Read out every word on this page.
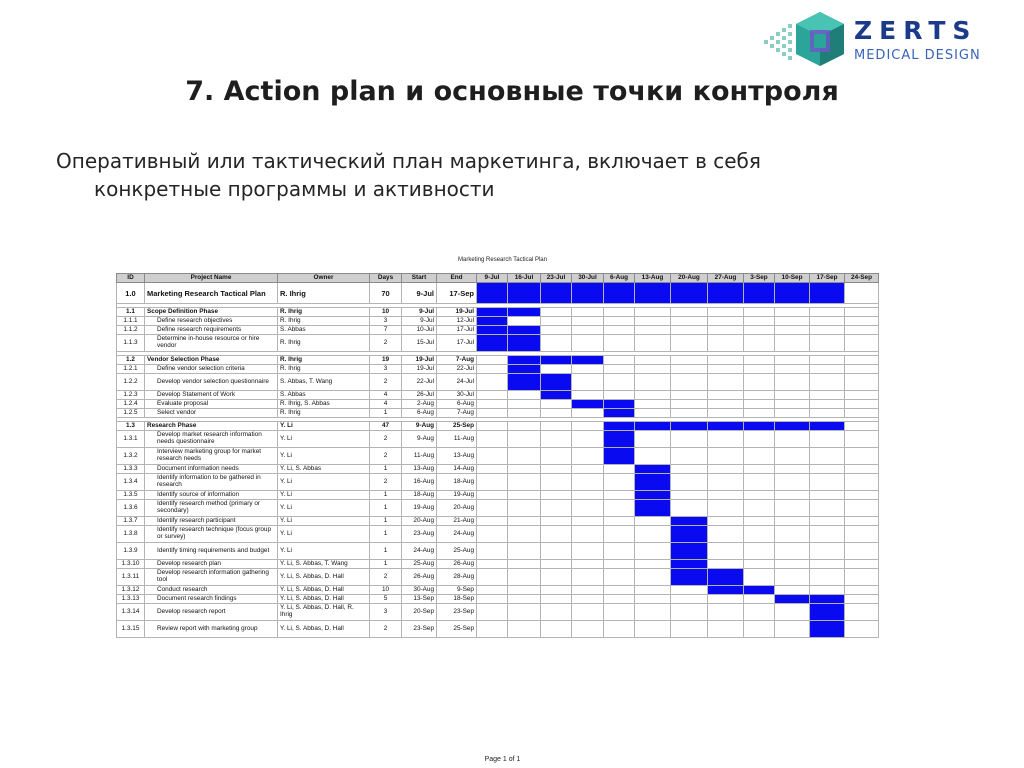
ZERTS
MEDICAL DESIGN
7. Action plan и основные точки контроля

Оперативный или тактический план маркетинга, включает в себя
конкретные программы и активности

Marketing Research Tactical Plan
ID	Project Name	Owner	Days	Start	End	9-Jul	16-Jul	23-Jul	30-Jul	6-Aug	13-Aug	20-Aug	27-Aug	3-Sep	10-Sep	17-Sep	24-Sep
1.0	Marketing Research Tactical Plan	R. Ihrig	70	9-Jul	17-Sep												

1.1	Scope Definition Phase	R. Ihrig	10	9-Jul	19-Jul												
1.1.1	Define research objectives	R. Ihrig	3	9-Jul	12-Jul												
1.1.2	Define research requirements	S. Abbas	7	10-Jul	17-Jul												
1.1.3	Determine in-house resource or hire vendor	R. Ihrig	2	15-Jul	17-Jul												

1.2	Vendor Selection Phase	R. Ihrig	19	19-Jul	7-Aug												
1.2.1	Define vendor selection criteria	R. Ihrig	3	19-Jul	22-Jul												
1.2.2	Develop vendor selection questionnaire	S. Abbas, T. Wang	2	22-Jul	24-Jul												
1.2.3	Develop Statement of Work	S. Abbas	4	26-Jul	30-Jul												
1.2.4	Evaluate proposal	R. Ihrig, S. Abbas	4	2-Aug	6-Aug												
1.2.5	Select vendor	R. Ihrig	1	6-Aug	7-Aug												

1.3	Research Phase	Y. Li	47	9-Aug	25-Sep												
1.3.1	Develop market research information needs questionnaire	Y. Li	2	9-Aug	11-Aug												
1.3.2	Interview marketing group for market research needs	Y. Li	2	11-Aug	13-Aug												
1.3.3	Document information needs	Y. Li, S. Abbas	1	13-Aug	14-Aug												
1.3.4	Identify information to be gathered in research	Y. Li	2	16-Aug	18-Aug												
1.3.5	Identify source of information	Y. Li	1	18-Aug	19-Aug												
1.3.6	Identify research method (primary or secondary)	Y. Li	1	19-Aug	20-Aug												
1.3.7	Identify research participant	Y. Li	1	20-Aug	21-Aug												
1.3.8	Identify research technique (focus group or survey)	Y. Li	1	23-Aug	24-Aug												
1.3.9	Identify timing requirements and budget	Y. Li	1	24-Aug	25-Aug												
1.3.10	Develop research plan	Y. Li, S. Abbas, T. Wang	1	25-Aug	26-Aug												
1.3.11	Develop research information gathering tool	Y. Li, S. Abbas, D. Hall	2	26-Aug	28-Aug												
1.3.12	Conduct research	Y. Li, S. Abbas, D. Hall	10	30-Aug	9-Sep												
1.3.13	Document research findings	Y. Li, S. Abbas, D. Hall	5	13-Sep	18-Sep												
1.3.14	Develop research report	Y. Li, S. Abbas, D. Hall, R. Ihrig	3	20-Sep	23-Sep												
1.3.15	Review report with marketing group	Y. Li, S. Abbas, D. Hall	2	23-Sep	25-Sep												
Page 1 of 1
